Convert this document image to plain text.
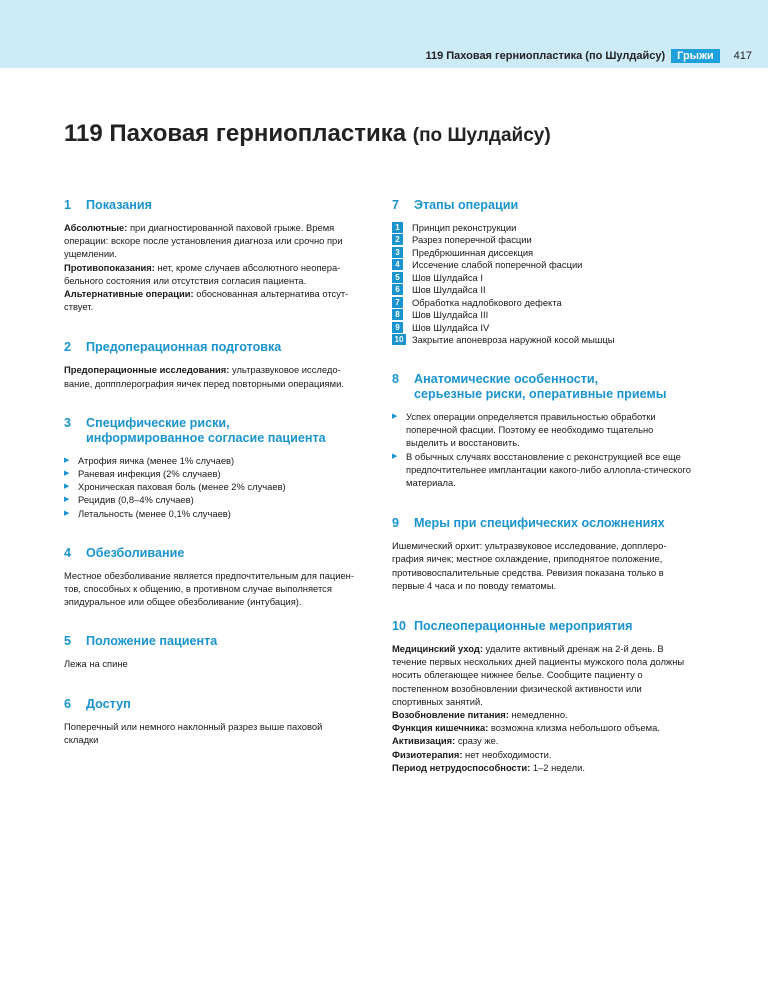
119 Паховая герниопластика (по Шулдайсу)	Грыжи	417
119 Паховая герниопластика (по Шулдайсу)
1	Показания

Абсолютные: при диагностированной паховой грыже. Время операции: вскоре после установления диагноза или срочно при ущемлении.

Противопоказания: нет, кроме случаев абсолютного неопера-бельного состояния или отсутствия согласия пациента.

Альтернативные операции: обоснованная альтернатива отсут-ствует.

2	Предоперационная подготовка

Предоперационные исследования: ультразвуковое исследо-вание, доппплерография яичек перед повторными операциями.

3	Специфические риски,
информированное согласие пациента
▶ Атрофия яичка (менее 1% случаев)
▶ Раневая инфекция (2% случаев)
▶ Хроническая паховая боль (менее 2% случаев)
▶ Рецидив (0,8–4% случаев)
▶ Летальность (менее 0,1% случаев)
4	Обезболивание

Местное обезболивание является предпочтительным для пациен-тов, способных к общению, в противном случае выполняется эпидуральное или общее обезболивание (интубация).

5	Положение пациента

Лежа на спине

6	Доступ

Поперечный или немного наклонный разрез выше паховой складки

7	Этапы операции
1	Принцип реконструкции
2	Разрез поперечной фасции
3	Предбрюшинная диссекция
4	Иссечение слабой поперечной фасции
5	Шов Шулдайса I
6	Шов Шулдайса II
7	Обработка надлобкового дефекта
8	Шов Шулдайса III
9	Шов Шулдайса IV
10 Закрытие апоневроза наружной косой мышцы
8	Анатомические особенности,
серьезные риски, оперативные приемы
▶ Успех операции определяется правильностью обработки поперечной фасции. Поэтому ее необходимо тщательно выделить и восстановить.
▶ В обычных случаях восстановление с реконструкцией все еще предпочтительнее имплантации какого-либо аллопла-стического материала.
9	Меры при специфических осложнениях

Ишемический орхит: ультразвуковое исследование, допплеро-графия яичек; местное охлаждение, приподнятое положение, противовоспалительные средства. Ревизия показана только в первые 4 часа и по поводу гематомы.

10 Послеоперационные мероприятия

Медицинский уход: удалите активный дренаж на 2-й день. В течение первых нескольких дней пациенты мужского пола должны носить облегающее нижнее белье. Сообщите пациенту о постепенном возобновлении физической активности или спортивных занятий.

Возобновление питания: немедленно.

Функция кишечника: возможна клизма небольшого объема.

Активизация: сразу же.

Физиотерапия: нет необходимости.

Период нетрудоспособности: 1–2 недели.
